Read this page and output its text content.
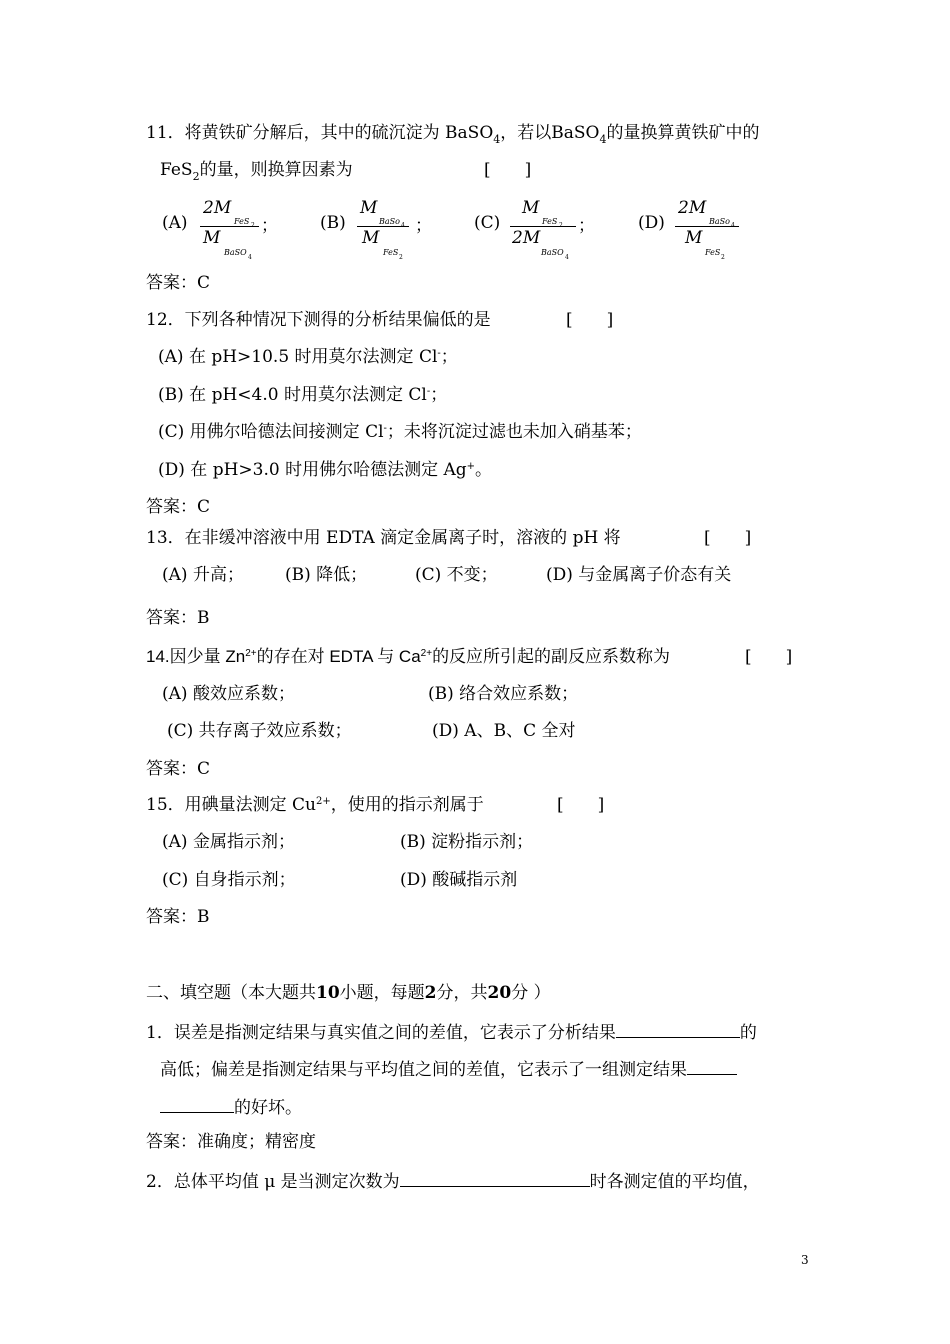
11．将黄铁矿分解后，其中的硫沉淀为 BaSO$_4$，若以BaSO$_4$的量换算黄铁矿中的
FeS$_2$的量，则换算因素为	[　　]
(A)
2M
FeS 2
M
BaSO
4
； (B)
M
BaSo 4
M
FeS
2
； (C)
M
FeS 2
2M
BaSO
4
；	(D)
2M
BaSo 4
M
FeS
2
答案：C
12．下列各种情况下测得的分析结果偏低的是	[　　]
(A) 在 pH>10.5 时用莫尔法测定 Cl-；
(B) 在 pH<4.0 时用莫尔法测定 Cl-；
(C) 用佛尔哈德法间接测定 Cl-；未将沉淀过滤也未加入硝基苯；
(D) 在 pH>3.0 时用佛尔哈德法测定 Ag+。
答案：C
13．在非缓冲溶液中用 EDTA 滴定金属离子时，溶液的 pH 将	[　　]
(A) 升高； (B) 降低；	(C) 不变；	(D) 与金属离子价态有关
答案：B
14.因少量 $Zn^{2+}$的存在对 EDTA 与 $Ca^{2+}$的反应所引起的副反应系数称为	[　　]
(A) 酸效应系数；	(B) 络合效应系数；
(C) 共存离子效应系数；	(D) A、B、C 全对
答案：C
15．用碘量法测定 $Cu^{2+}$，使用的指示剂属于	[　　]
(A) 金属指示剂；	(B) 淀粉指示剂；
(C) 自身指示剂；	(D) 酸碱指示剂
答案：B
二、填空题（本大题共10小题，每题2分，共20分 ）
1．误差是指测定结果与真实值之间的差值，它表示了分析结果	的
高低；偏差是指测定结果与平均值之间的差值，它表示了一组测定结果
的好坏。
答案：准确度；精密度
2．总体平均值 μ 是当测定次数为	时各测定值的平均值，
3
